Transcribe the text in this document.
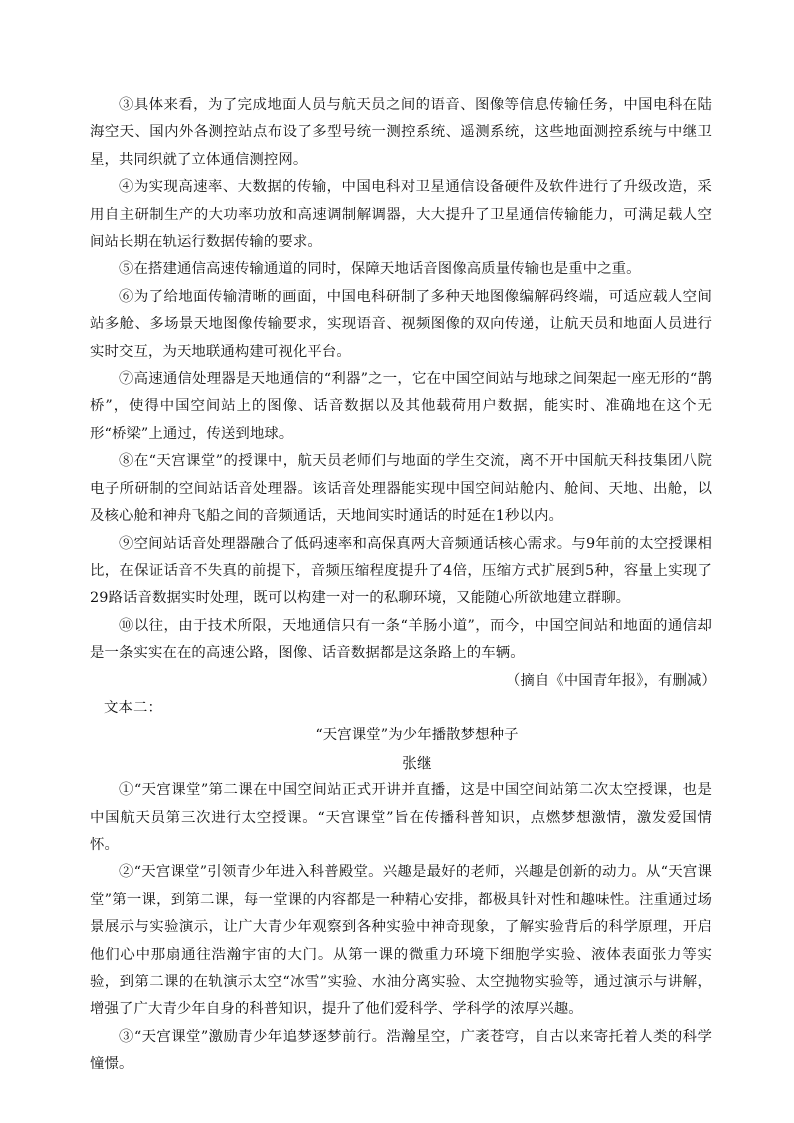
③具体来看，为了完成地面人员与航天员之间的语音、图像等信息传输任务，中国电科在陆海空天、国内外各测控站点布设了多型号统一测控系统、遥测系统，这些地面测控系统与中继卫星，共同织就了立体通信测控网。

④为实现高速率、大数据的传输，中国电科对卫星通信设备硬件及软件进行了升级改造，采用自主研制生产的大功率功放和高速调制解调器，大大提升了卫星通信传输能力，可满足载人空间站长期在轨运行数据传输的要求。

⑤在搭建通信高速传输通道的同时，保障天地话音图像高质量传输也是重中之重。

⑥为了给地面传输清晰的画面，中国电科研制了多种天地图像编解码终端，可适应载人空间站多舱、多场景天地图像传输要求，实现语音、视频图像的双向传递，让航天员和地面人员进行实时交互，为天地联通构建可视化平台。

⑦高速通信处理器是天地通信的“利器”之一，它在中国空间站与地球之间架起一座无形的“鹊桥”，使得中国空间站上的图像、话音数据以及其他载荷用户数据，能实时、准确地在这个无形“桥梁”上通过，传送到地球。

⑧在“天宫课堂”的授课中，航天员老师们与地面的学生交流，离不开中国航天科技集团八院电子所研制的空间站话音处理器。该话音处理器能实现中国空间站舱内、舱间、天地、出舱，以及核心舱和神舟飞船之间的音频通话，天地间实时通话的时延在1秒以内。

⑨空间站话音处理器融合了低码速率和高保真两大音频通话核心需求。与9年前的太空授课相比，在保证话音不失真的前提下，音频压缩程度提升了4倍，压缩方式扩展到5种，容量上实现了29路话音数据实时处理，既可以构建一对一的私聊环境，又能随心所欲地建立群聊。

⑩以往，由于技术所限，天地通信只有一条“羊肠小道”，而今，中国空间站和地面的通信却是一条实实在在的高速公路，图像、话音数据都是这条路上的车辆。

（摘自《中国青年报》，有删减）

文本二：

“天宫课堂”为少年播散梦想种子

张继

①“天宫课堂”第二课在中国空间站正式开讲并直播，这是中国空间站第二次太空授课，也是中国航天员第三次进行太空授课。“天宫课堂”旨在传播科普知识，点燃梦想激情，激发爱国情怀。

②“天宫课堂”引领青少年进入科普殿堂。兴趣是最好的老师，兴趣是创新的动力。从“天宫课堂”第一课，到第二课，每一堂课的内容都是一种精心安排，都极具针对性和趣味性。注重通过场景展示与实验演示，让广大青少年观察到各种实验中神奇现象，了解实验背后的科学原理，开启他们心中那扇通往浩瀚宇宙的大门。从第一课的微重力环境下细胞学实验、液体表面张力等实验，到第二课的在轨演示太空“冰雪”实验、水油分离实验、太空抛物实验等，通过演示与讲解，增强了广大青少年自身的科普知识，提升了他们爱科学、学科学的浓厚兴趣。

③“天宫课堂”激励青少年追梦逐梦前行。浩瀚星空，广袤苍穹，自古以来寄托着人类的科学憧憬。
